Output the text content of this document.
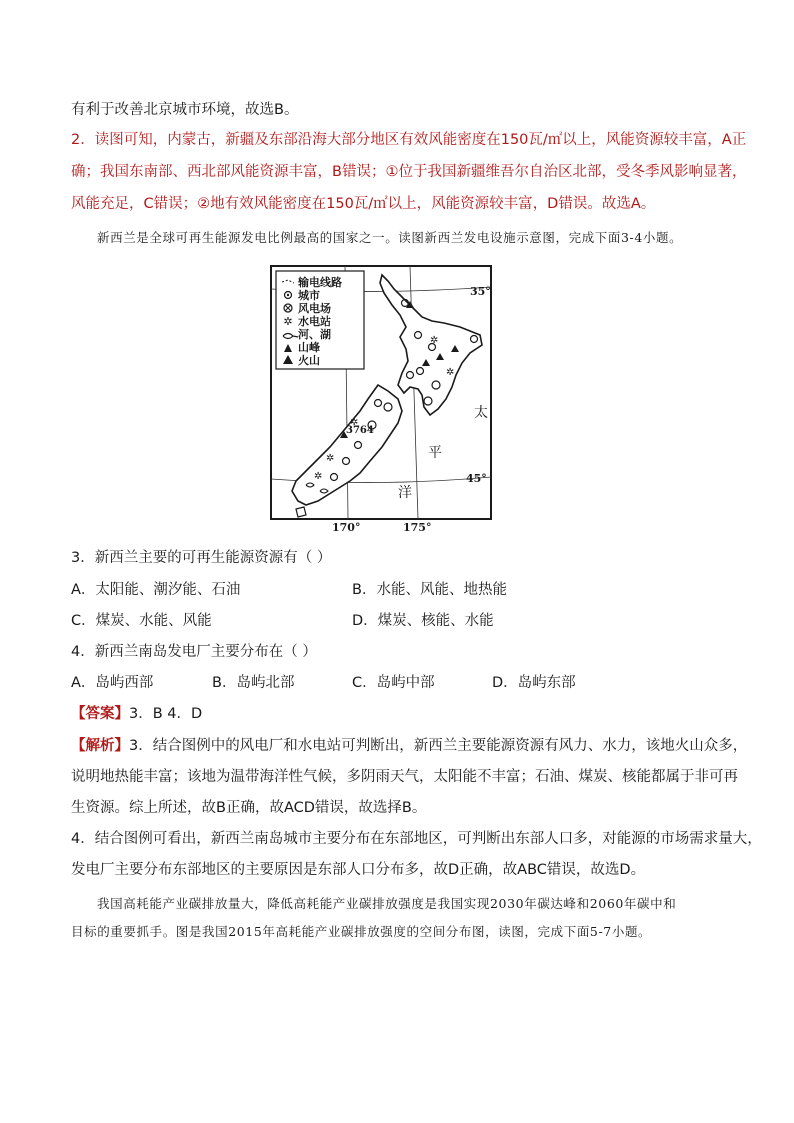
有利于改善北京城市环境，故选B。
2．读图可知，内蒙古，新疆及东部沿海大部分地区有效风能密度在150瓦/㎡以上，风能资源较丰富，A正
确；我国东南部、西北部风能资源丰富，B错误；①位于我国新疆维吾尔自治区北部，受冬季风影响显著，
风能充足，C错误；②地有效风能密度在150瓦/㎡以上，风能资源较丰富，D错误。故选A。
新西兰是全球可再生能源发电比例最高的国家之一。读图新西兰发电设施示意图，完成下面3-4小题。
✲
输电线路
城市
风电场
水电站
河、湖
山峰
火山
✲
✲
✲
✲
✲
35°
45°
170°	175°
3764
太
平
洋
3．新西兰主要的可再生能源资源有（ ）
A．太阳能、潮汐能、石油	B．水能、风能、地热能
C．煤炭、水能、风能	D．煤炭、核能、水能
4．新西兰南岛发电厂主要分布在（ ）
A．岛屿西部	B．岛屿北部	C．岛屿中部	D．岛屿东部
【答案】3．B 4．D
【解析】3．结合图例中的风电厂和水电站可判断出，新西兰主要能源资源有风力、水力，该地火山众多，
说明地热能丰富；该地为温带海洋性气候，多阴雨天气，太阳能不丰富；石油、煤炭、核能都属于非可再
生资源。综上所述，故B正确，故ACD错误，故选择B。
4．结合图例可看出，新西兰南岛城市主要分布在东部地区，可判断出东部人口多，对能源的市场需求量大，
发电厂主要分布东部地区的主要原因是东部人口分布多，故D正确，故ABC错误，故选D。
我国高耗能产业碳排放量大，降低高耗能产业碳排放强度是我国实现2030年碳达峰和2060年碳中和
目标的重要抓手。图是我国2015年高耗能产业碳排放强度的空间分布图，读图，完成下面5-7小题。
